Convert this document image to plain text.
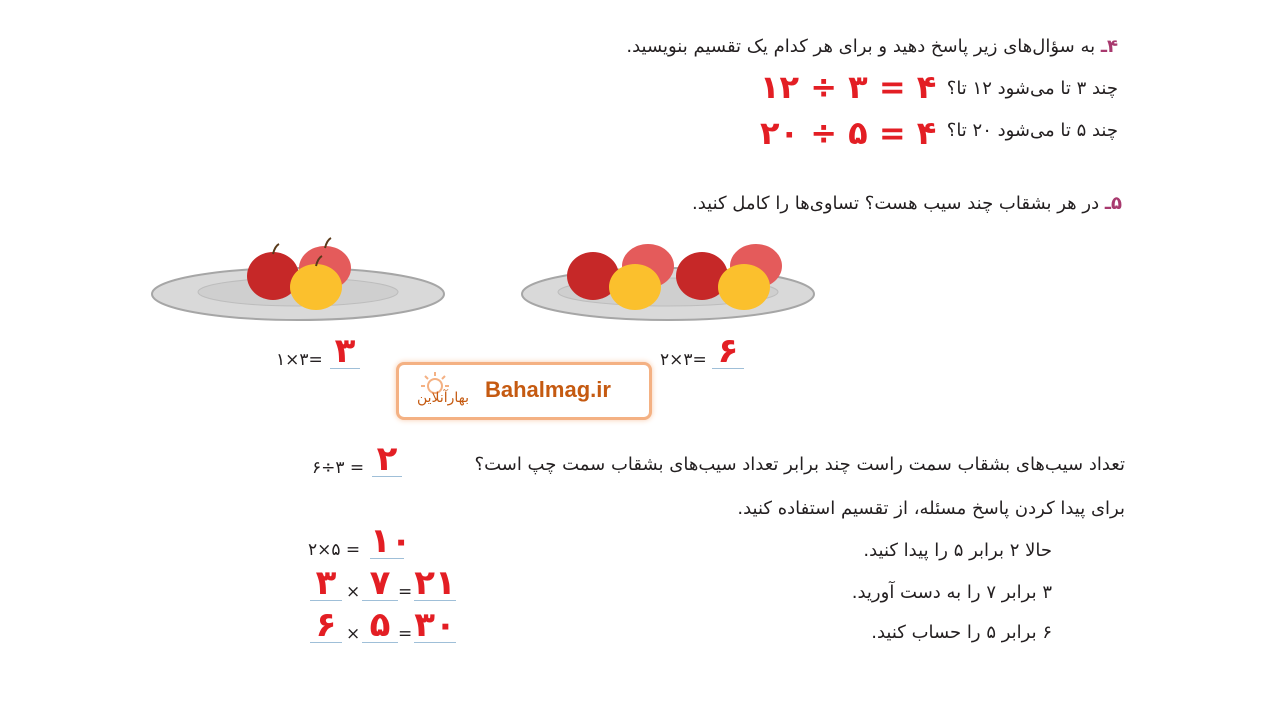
۴ـ به سؤال‌های زیر پاسخ دهید و برای هر کدام یک تقسیم بنویسید.
چند ۳ تا می‌شود ۱۲ تا؟
۱۲ ÷ ۳ = ۴
چند ۵ تا می‌شود ۲۰ تا؟
۲۰ ÷ ۵ = ۴
۵ـ در هر بشقاب چند سیب هست؟ تساوی‌ها را کامل کنید.
۱×۳= ۳	۲×۳= ۶
بهارآنلاین Bahalmag.ir
تعداد سیب‌های بشقاب سمت راست چند برابر تعداد سیب‌های بشقاب سمت چپ است؟
۶÷۳ = ۲
برای پیدا کردن پاسخ مسئله، از تقسیم استفاده کنید.
حالا ۲ برابر ۵ را پیدا کنید.
۲×۵ = ۱۰
۳ برابر ۷ را به دست آورید.
۳ × ۷ = ۲۱
۶ برابر ۵ را حساب کنید.
۶ × ۵ = ۳۰
